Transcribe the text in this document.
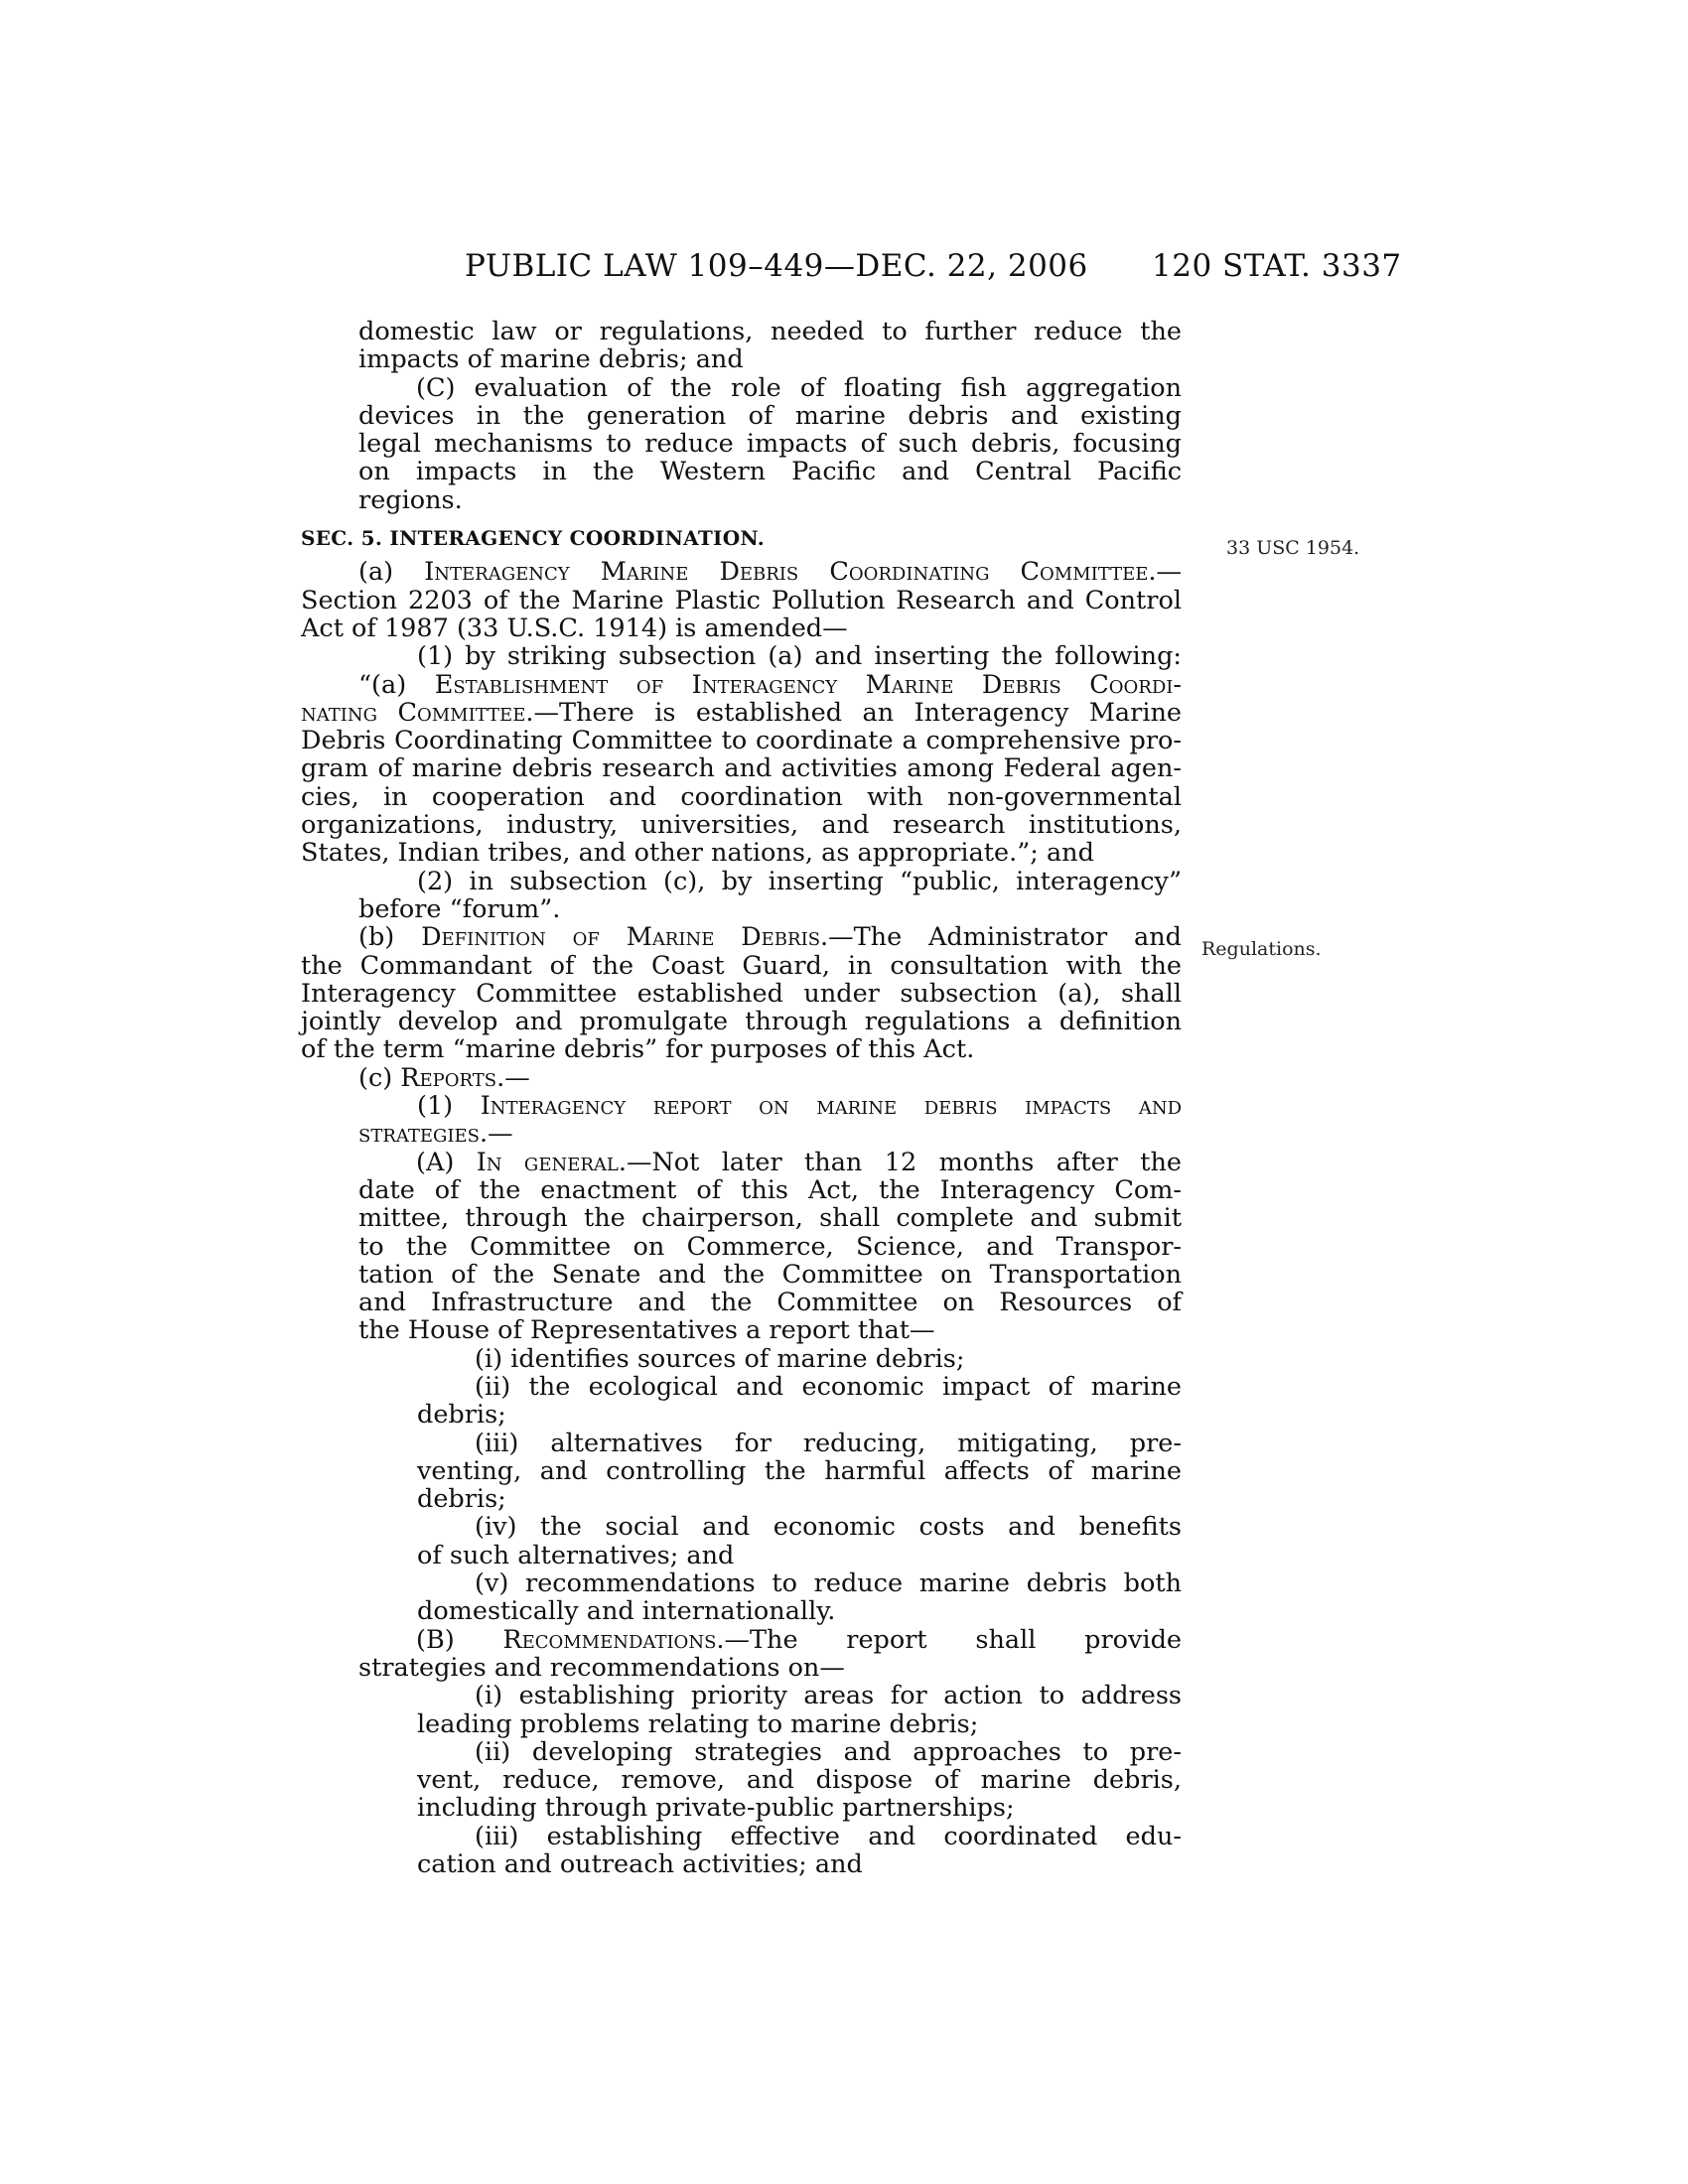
PUBLIC LAW 109–449—DEC. 22, 2006 120 STAT. 3337
33 USC 1954.
Regulations.
domestic law or regulations, needed to further reduce the
impacts of marine debris; and
(C) evaluation of the role of floating fish aggregation
devices in the generation of marine debris and existing
legal mechanisms to reduce impacts of such debris, focusing
on impacts in the Western Pacific and Central Pacific
regions.
SEC. 5. INTERAGENCY COORDINATION.
(a) Interagency Marine Debris Coordinating Committee.—
Section 2203 of the Marine Plastic Pollution Research and Control
Act of 1987 (33 U.S.C. 1914) is amended—
(1) by striking subsection (a) and inserting the following:
“(a) Establishment of Interagency Marine Debris Coordi-
nating Committee.—There is established an Interagency Marine
Debris Coordinating Committee to coordinate a comprehensive pro-
gram of marine debris research and activities among Federal agen-
cies, in cooperation and coordination with non-governmental
organizations, industry, universities, and research institutions,
States, Indian tribes, and other nations, as appropriate.”; and
(2) in subsection (c), by inserting “public, interagency”
before “forum”.
(b) Definition of Marine Debris.—The Administrator and
the Commandant of the Coast Guard, in consultation with the
Interagency Committee established under subsection (a), shall
jointly develop and promulgate through regulations a definition
of the term “marine debris” for purposes of this Act.
(c) Reports.—
(1) Interagency report on marine debris impacts and
strategies.—
(A) In general.—Not later than 12 months after the
date of the enactment of this Act, the Interagency Com-
mittee, through the chairperson, shall complete and submit
to the Committee on Commerce, Science, and Transpor-
tation of the Senate and the Committee on Transportation
and Infrastructure and the Committee on Resources of
the House of Representatives a report that—
(i) identifies sources of marine debris;
(ii) the ecological and economic impact of marine
debris;
(iii) alternatives for reducing, mitigating, pre-
venting, and controlling the harmful affects of marine
debris;
(iv) the social and economic costs and benefits
of such alternatives; and
(v) recommendations to reduce marine debris both
domestically and internationally.
(B) Recommendations.—The report shall provide
strategies and recommendations on—
(i) establishing priority areas for action to address
leading problems relating to marine debris;
(ii) developing strategies and approaches to pre-
vent, reduce, remove, and dispose of marine debris,
including through private-public partnerships;
(iii) establishing effective and coordinated edu-
cation and outreach activities; and
